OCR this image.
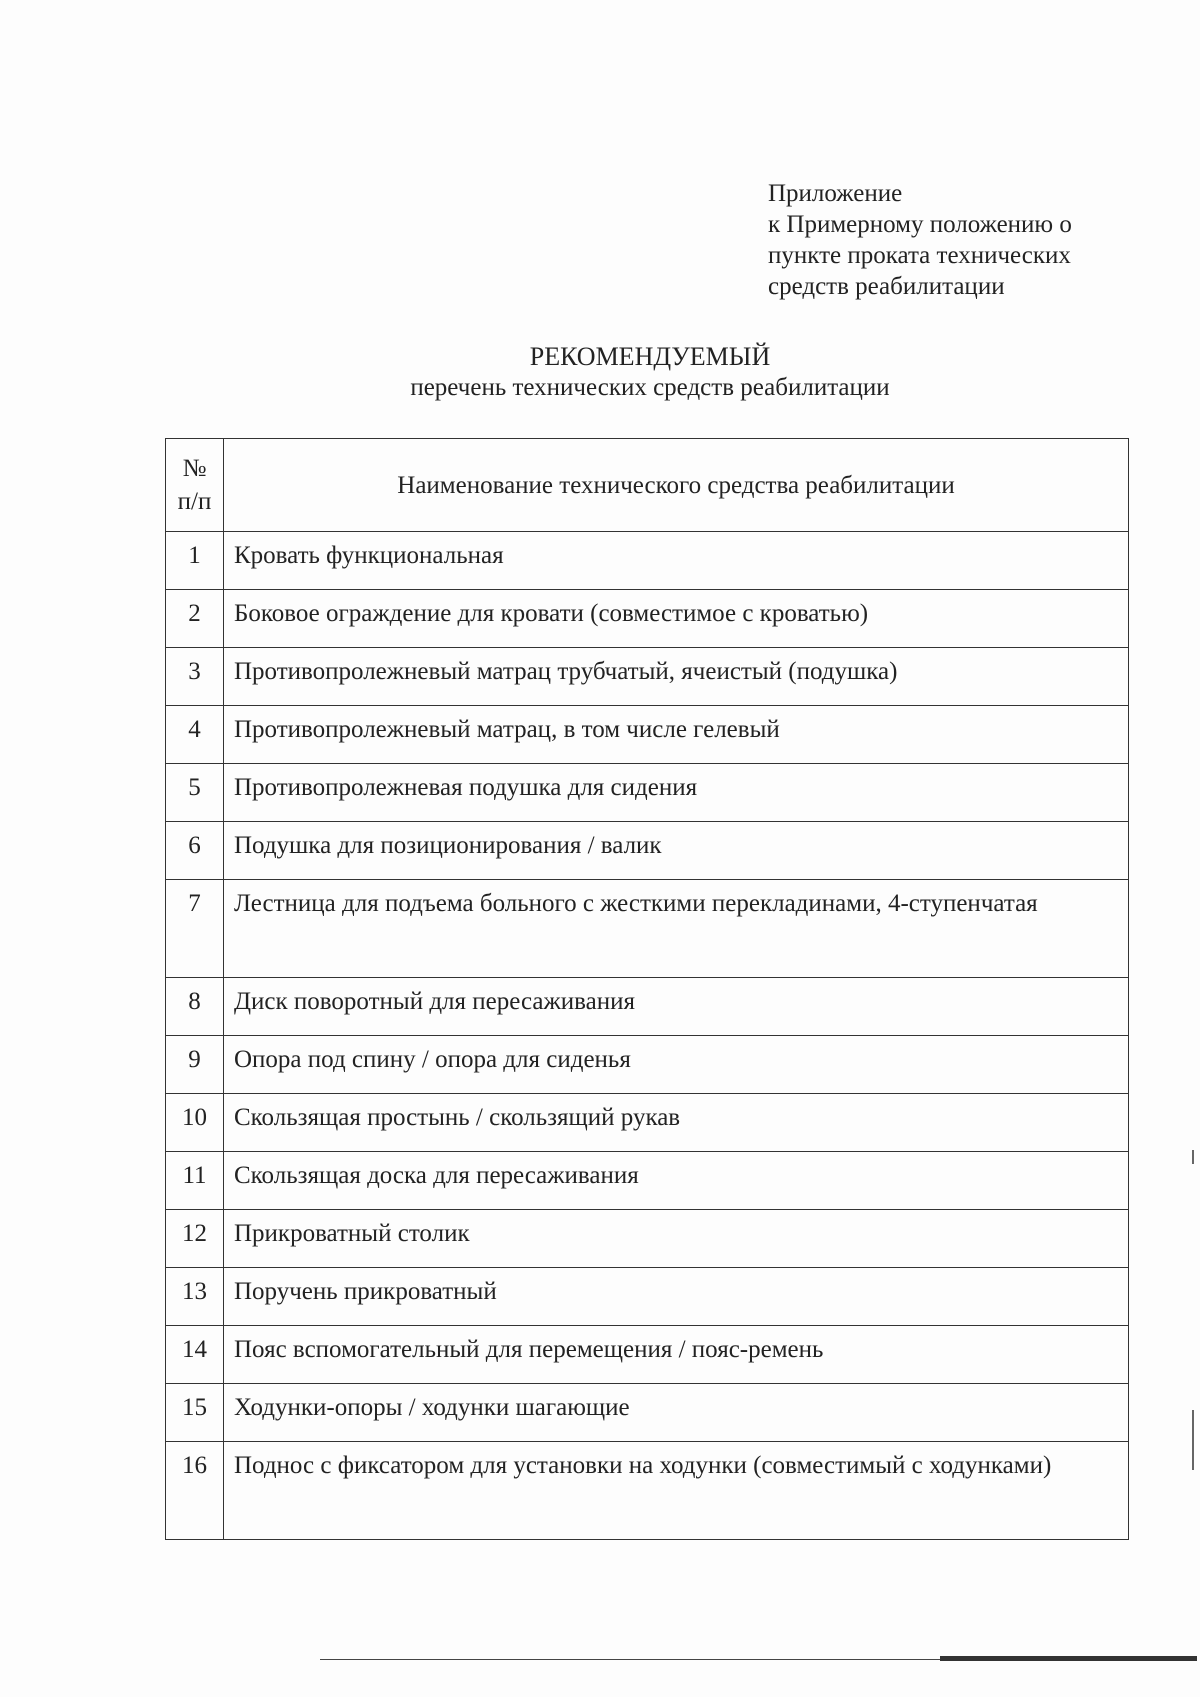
Приложение
к Примерному положению о
пункте проката технических
средств реабилитации
РЕКОМЕНДУЕМЫЙ
перечень технических средств реабилитации
№
п/п	Наименование технического средства реабилитации
1	Кровать функциональная
2	Боковое ограждение для кровати (совместимое с кроватью)
3	Противопролежневый матрац трубчатый, ячеистый (подушка)
4	Противопролежневый матрац, в том числе гелевый
5	Противопролежневая подушка для сидения
6	Подушка для позиционирования / валик
7	Лестница для подъема больного с жесткими перекладинами, 4-ступенчатая
8	Диск поворотный для пересаживания
9	Опора под спину / опора для сиденья
10	Скользящая простынь / скользящий рукав
11	Скользящая доска для пересаживания
12	Прикроватный столик
13	Поручень прикроватный
14	Пояс вспомогательный для перемещения / пояс-ремень
15	Ходунки-опоры / ходунки шагающие
16	Поднос с фиксатором для установки на ходунки (совместимый с ходунками)
